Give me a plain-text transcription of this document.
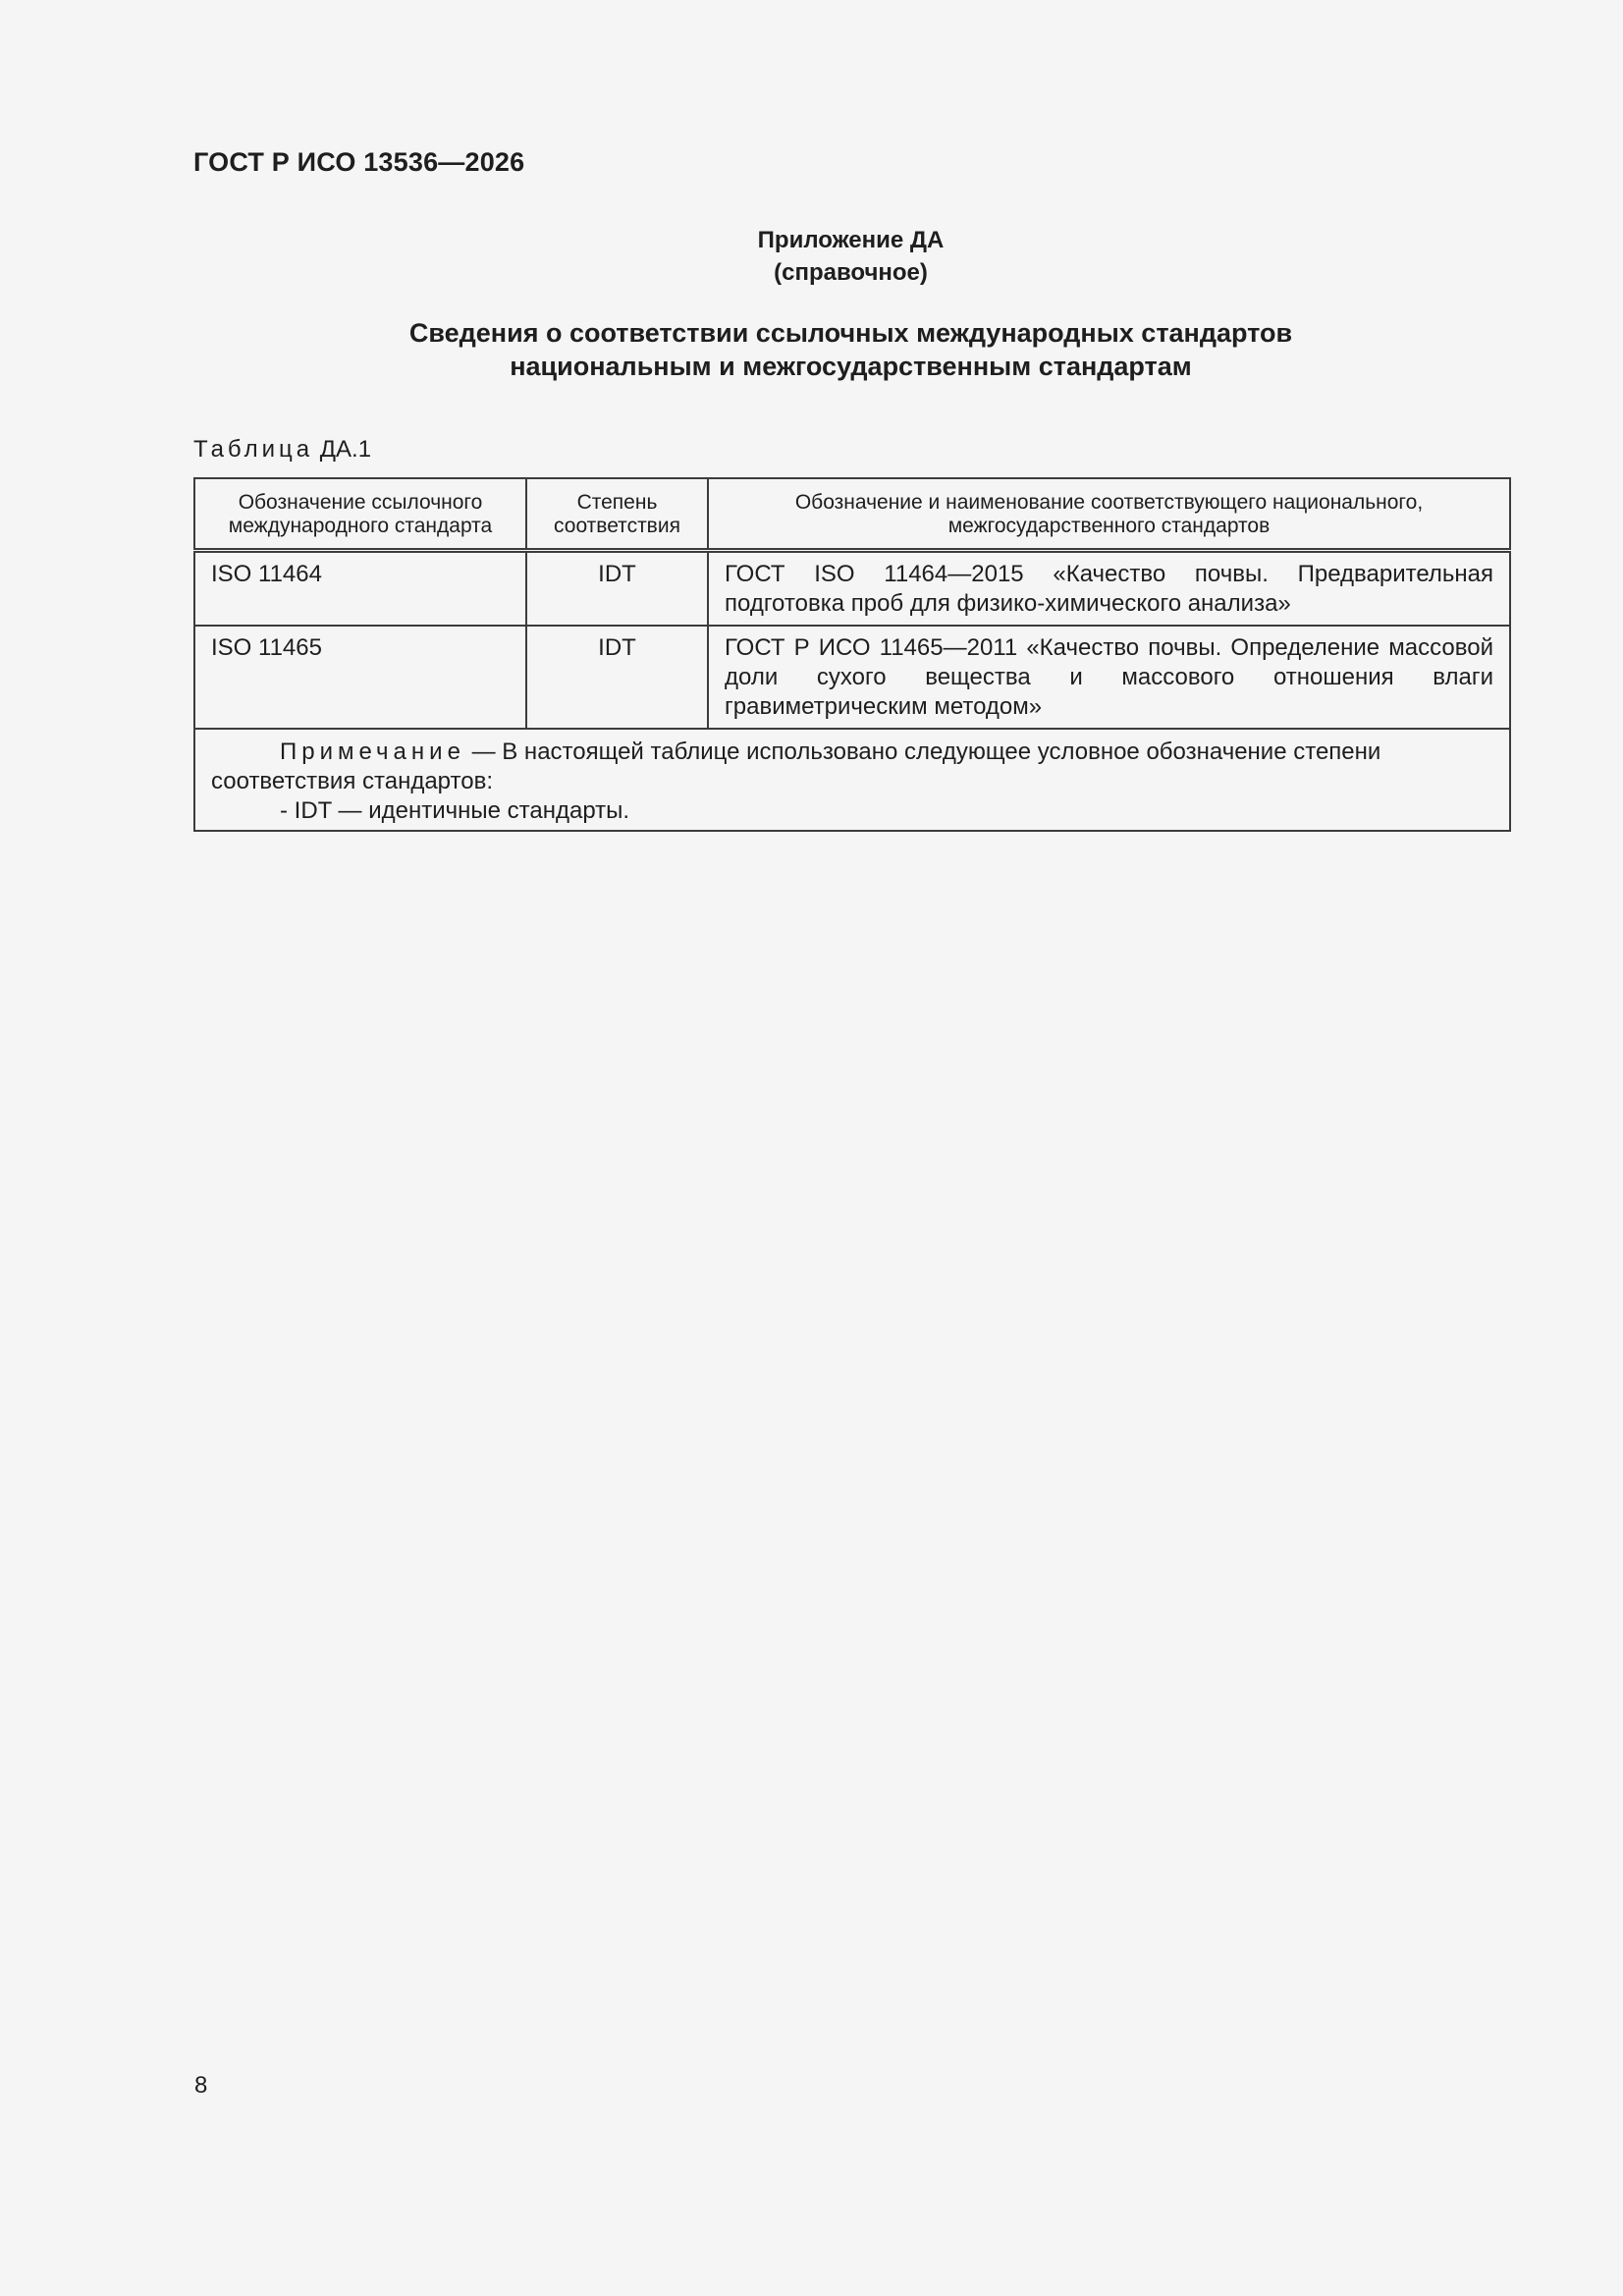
ГОСТ Р ИСО 13536—2026
Приложение ДА
(справочное)
Сведения о соответствии ссылочных международных стандартов
национальным и межгосударственным стандартам
Таблица ДА.1
Обозначение ссылочного международного стандарта	Степень соответствия	Обозначение и наименование соответствующего национального, межгосударственного стандартов
ISO 11464	IDT	ГОСТ ISO 11464—2015 «Качество почвы. Предварительная подготовка проб для физико-химического анализа»
ISO 11465	IDT	ГОСТ Р ИСО 11465—2011 «Качество почвы. Определение массовой доли сухого вещества и массового отношения влаги гравиметрическим методом»

Примечание — В настоящей таблице использовано следующее условное обозначение степени соответствия стандартов:
- IDT — идентичные стандарты.		
8
